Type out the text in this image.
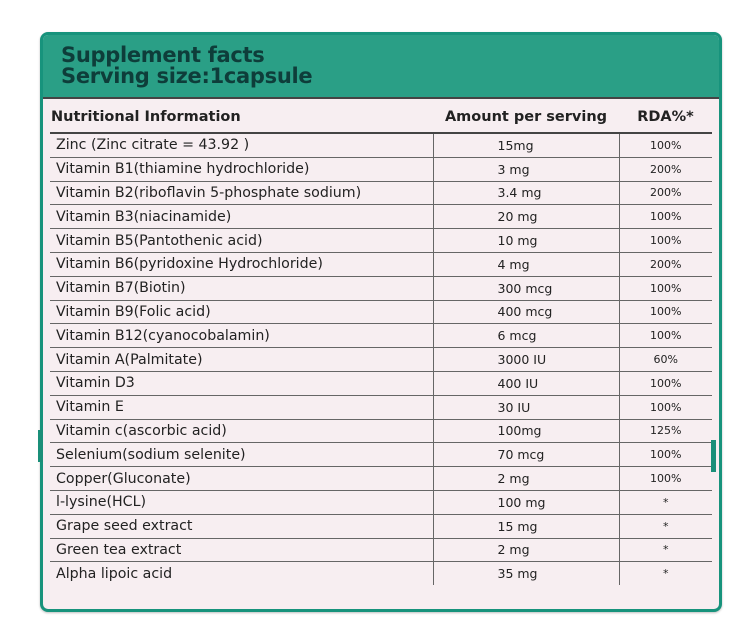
Supplement facts
Serving size:1capsule
Nutritional Information	Amount per serving	RDA%*
Zinc (Zinc citrate = 43.92 )	15mg	100%
Vitamin B1(thiamine hydrochloride)	3 mg	200%
Vitamin B2(riboflavin 5-phosphate sodium)	3.4 mg	200%
Vitamin B3(niacinamide)	20 mg	100%
Vitamin B5(Pantothenic acid)	10 mg	100%
Vitamin B6(pyridoxine Hydrochloride)	4 mg	200%
Vitamin B7(Biotin)	300 mcg	100%
Vitamin B9(Folic acid)	400 mcg	100%
Vitamin B12(cyanocobalamin)	6 mcg	100%
Vitamin A(Palmitate)	3000 IU	60%
Vitamin D3	400 IU	100%
Vitamin E	30 IU	100%
Vitamin c(ascorbic acid)	100mg	125%
Selenium(sodium selenite)	70 mcg	100%
Copper(Gluconate)	2 mg	100%
l-lysine(HCL)	100 mg	*
Grape seed extract	15 mg	*
Green tea extract	2 mg	*
Alpha lipoic acid	35 mg	*
